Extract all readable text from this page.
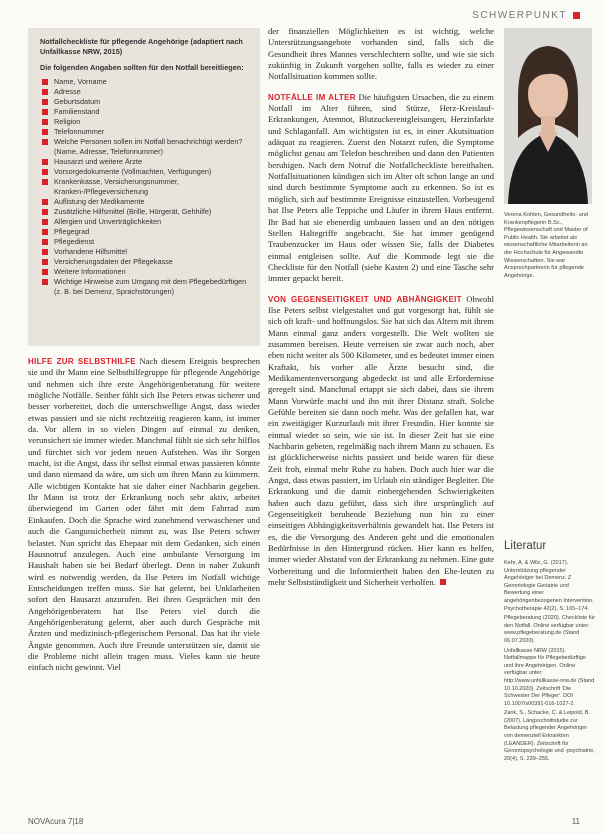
SCHWERPUNKT
Notfallcheckliste für pflegende Angehörige (adaptiert nach Unfallkasse NRW, 2015)
Die folgenden Angaben sollten für den Notfall bereitliegen:
Name, Vorname
Adresse
Geburtsdatum
Familienstand
Religion
Telefonnummer
Welche Personen sollen im Notfall benachrichtigt werden? (Name, Adresse, Telefonnummer)
Hausarzt und weitere Ärzte
Vorsorgedokumente (Vollmachten, Verfügungen)
Krankenkasse, Versicherungsnummer, Kranken-/Pflegeversicherung
Auflistung der Medikamente
Zusätzliche Hilfsmittel (Brille, Hörgerät, Gehhilfe)
Allergien und Unverträglichkeiten
Pflegegrad
Pflegedienst
Vorhandene Hilfsmittel
Versicherungsdaten der Pflegekasse
Weitere Informationen
Wichtige Hinweise zum Umgang mit dem Pflegebedürftigen (z. B. bei Demenz, Sprachstörungen)

HILFE ZUR SELBSTHILFE Nach diesem Ereignis besprechen sie und ihr Mann eine Selbsthilfegruppe für pflegende Angehörige und nehmen sich ihre erste Angehörigenberatung für weitere mögliche Notfälle. Seither fühlt sich Ilse Peters etwas sicherer und besser vorbereitet, doch die unterschwellige Angst, dass wieder etwas passiert und sie nicht rechtzeitig reagieren kann, ist immer da. Vor allem in so vielen Dingen auf einmal zu denken, verunsichert sie immer wieder. Manchmal fühlt sie sich sehr hilflos und fürchtet sich vor jedem neuen Aufstehen. Was ihr Sorgen macht, ist die Angst, dass ihr selbst einmal etwas passieren könnte und dann niemand da wäre, um sich um ihren Mann zu kümmern. Alle wichtigen Kontakte hat sie daher einer Nachbarin gegeben. Ihr Mann ist trotz der Erkrankung noch sehr aktiv, arbeitet überwiegend im Garten oder fährt mit dem Fahrrad zum Einkaufen. Doch die Sprache wird zunehmend verwaschener und auch die Gangunsicherheit nimmt zu, was Ilse Peters schwer belastet. Nun spricht das Ehepaar mit dem Gedanken, sich einen Hausnotruf anzulegen. Auch eine ambulante Versorgung im Haushalt haben sie bei Bedarf überlegt. Denn in naher Zukunft wird es notwendig werden, da Ilse Peters im Notfall wichtige Entscheidungen treffen muss. Sie hat gelernt, bei Unklarheiten sofort den Hausarzt anzurufen. Bei ihren Gesprächen mit den Angehörigenberatern hat Ilse Peters viel durch die Angehörigenberatung gelernt, aber auch durch Gespräche mit Ärzten und medizinisch-pflegerischem Personal. Das hat ihr viele Ängste genommen. Auch ihre Freunde unterstützen sie, damit sie die Probleme nicht allein tragen muss. Vieles kann sie heute einfach nicht gewinnt. Viel

der finanziellen Möglichkeiten es ist wichtig, welche Unterstützungsangebote vorhanden sind, falls sich die Gesundheit ihres Mannes verschlechtern sollte, und wie sie sich zukünftig in Zukunft vorgehen sollte, falls es wieder zu einer Notfallsituation kommen sollte.

NOTFÄLLE IM ALTER Die häufigsten Ursachen, die zu einem Notfall im Alter führen, sind Stürze, Herz-Kreislauf-Erkrankungen, Atemnot, Blutzuckerentgleisungen, Herzinfarkte und Schlaganfall. Am wichtigsten ist es, in einer Akutsituation adäquat zu reagieren. Zuerst den Notarzt rufen, die Symptome möglichst genau am Telefon beschreiben und dann den Patienten beruhigen. Nach dem Notruf die Notfallcheckliste bereithalten. Notfallsituationen kündigen sich im Alter oft schon lange an und sind durch bestimmte Symptome auch zu erkennen. So ist es möglich, sich auf bestimmte Ereignisse einzustellen. Vorbeugend hat Ilse Peters alle Teppiche und Läufer in ihrem Haus entfernt. Ihr Bad hat sie ebenerdig umbauen lassen und an den nötigen Stellen Haltegriffe angebracht. Sie hat immer genügend Traubenzucker im Haus oder wissen Sie, falls der Diabetes einmal entgleisen sollte. Auf die Kommode legt sie die Checkliste für den Notfall (siehe Kasten 2) und eine Tasche sehr immer gepackt bereit.

VON GEGENSEITIGKEIT UND ABHÄNGIGKEIT Obwohl Ilse Peters selbst vielgestaltet und gut vorgesorgt hat, fühlt sie sich oft kraft- und hoffnungslos. Sie hat sich das Altern mit ihrem Mann einmal ganz anders vorgestellt. Die Welt wollten sie zusammen bereisen. Heute verreisen sie zwar auch noch, aber eben nicht weiter als 500 Kilometer, und es bedeutet immer einen Kraftakt, bis vorher alle Ärzte besucht sind, die Medikamentenversorgung abgedeckt ist und alle Erfordernisse geregelt sind. Manchmal ertappt sie sich dabei, dass sie ihrem Mann Vorwürfe macht und ihn mit ihrer Distanz straft. Solche Gefühle bereiten sie dann noch mehr. Was der gefallen hat, war ein zweitägiger Kurzurlaub mit ihrer Freundin. Hier konnte sie einmal wieder so sein, wie sie ist. In dieser Zeit hat sie eine Nachbarin gebeten, regelmäßig nach ihrem Mann zu schauen. Es ist glücklicherweise nichts passiert und beide waren für diese Zeit froh, einmal mehr Ruhe zu haben. Doch auch hier war die Angst, dass etwas passiert, im Urlaub ein ständiger Begleiter. Die Erkrankung und die damit einhergehenden Schwierigkeiten haben auch dazu geführt, dass sich ihre ursprünglich auf Gegenseitigkeit beruhende Beziehung nun hin zu einer einseitigen Abhängigkeitsverhältnis gewandelt hat. Ilse Peters ist es, die die Versorgung des Anderen geht und die emotionalen Bedürfnisse in den Hintergrund rücken. Hier kann es helfen, immer wieder Abstand von der Erkrankung zu nehmen. Eine gute Vorbereitung und die Informiertheit haben den Ehe-leuten zu mehr Selbstständigkeit und Sicherheit verholfen.

Verena Kohlen, Gesundheits- und Krankenpflegerin B.Sc., Pflegewissenschaft und Master of Public Health. Sie arbeitet als wissenschaftliche Mitarbeiterin an der Hochschule für Angewandte Wissenschaften. Sie war Ansprechpartnerin für pflegende Angehörige.
Literatur

Kehr, A. & Wilz, G. (2017). Unterstützung pflegender Angehöriger bei Demenz. Z Gerontologie Geriatrie und Bewertung einer angehörigenbezogenen Intervention. Psychotherapie 42(2), S. 165–174.

Pflegeberatung (2020). Checkliste für den Notfall. Online verfügbar unter: www.pflegeberatung.de (Stand 06.07.2020).

Unfallkasse NRW (2015). Notfallmappe für Pflegebedürftige und ihre Angehörigen. Online verfügbar unter: http://www.unfallkasse-nrw.de (Stand 10.10.2020). Zeitschrift 'Die Schwester Der Pfleger'. DOI 10.1007/s00391-016-1027-2.

Zank, S., Schacke, C. & Leipold, B. (2007). Längsschnittstudie zur Belastung pflegender Angehöriger von demenziell Erkrankten (LEANDER). Zeitschrift für Gerontopsychologie und -psychiatrie, 20(4), S. 239–255.

NOVAcura 7|18	11
